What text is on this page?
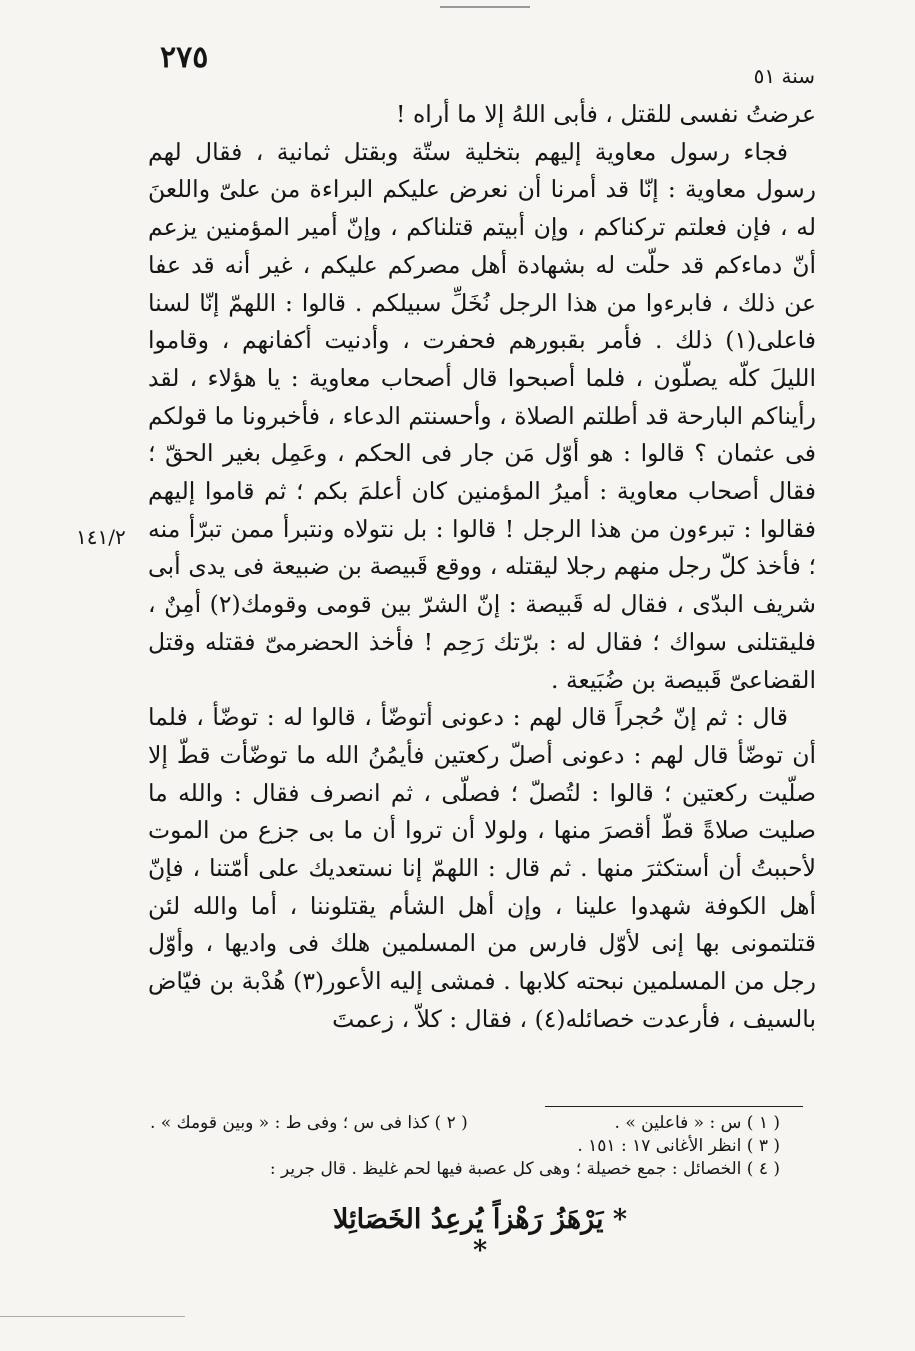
٢٧٥
سنة ٥١

عرضتُ نفسى للقتل ، فأبى اللهُ إلا ما أراه !

فجاء رسول معاوية إليهم بتخلية ستّة وبقتل ثمانية ، فقال لهم رسول معاوية : إنّا قد أمرنا أن نعرض عليكم البراءة من علىّ واللعنَ له ، فإن فعلتم تركناكم ، وإن أبيتم قتلناكم ، وإنّ أمير المؤمنين يزعم أنّ دماءكم قد حلّت له بشهادة أهل مصركم عليكم ، غير أنه قد عفا عن ذلك ، فابرءوا من هذا الرجل نُخَلِّ سبيلكم . قالوا : اللهمّ إنّا لسنا فاعلى(١) ذلك . فأمر بقبورهم فحفرت ، وأدنيت أكفانهم ، وقاموا الليلَ كلّه يصلّون ، فلما أصبحوا قال أصحاب معاوية : يا هؤلاء ، لقد رأيناكم البارحة قد أطلتم الصلاة ، وأحسنتم الدعاء ، فأخبرونا ما قولكم فى عثمان ؟ قالوا : هو أوّل مَن جار فى الحكم ، وعَمِل بغير الحقّ ؛ فقال أصحاب معاوية : أميرُ المؤمنين كان أعلمَ بكم ؛ ثم قاموا إليهم فقالوا : تبرءون من هذا الرجل ! قالوا : بل نتولاه ونتبرأ ممن تبرّأ منه ؛ فأخذ كلّ رجل منهم رجلا ليقتله ، ووقع قَبيصة بن ضبيعة فى يدى أبى شريف البدّى ، فقال له قَبيصة : إنّ الشرّ بين قومى وقومك(٢) أمِنٌ ، فليقتلنى سواك ؛ فقال له : برّتك رَحِم ! فأخذ الحضرمىّ فقتله وقتل القضاعىّ قَبيصة بن ضُبَيعة .

قال : ثم إنّ حُجراً قال لهم : دعونى أتوضّأ ، قالوا له : توضّأ ، فلما أن توضّأ قال لهم : دعونى أصلّ ركعتين فأيمُنُ الله ما توضّأت قطّ إلا صلّيت ركعتين ؛ قالوا : لتُصلّ ؛ فصلّى ، ثم انصرف فقال : والله ما صليت صلاةً قطّ أقصرَ منها ، ولولا أن تروا أن ما بى جزع من الموت لأحببتُ أن أستكثرَ منها . ثم قال : اللهمّ إنا نستعديك على أمّتنا ، فإنّ أهل الكوفة شهدوا علينا ، وإن أهل الشأم يقتلوننا ، أما والله لئن قتلتمونى بها إنى لأوّل فارس من المسلمين هلك فى واديها ، وأوّل رجل من المسلمين نبحته كلابها . فمشى إليه الأعور(٣) هُدْبة بن فيّاض بالسيف ، فأرعدت خصائله(٤) ، فقال : كلاّ ، زعمتَ

١٤١/٢
( ١ ) س : « فاعلين » .
( ٢ ) كذا فى س ؛ وفى ط : « وبين قومك » .
( ٣ ) انظر الأغانى ١٧ : ١٥١ .
( ٤ ) الخصائل : جمع خصيلة ؛ وهى كل عصبة فيها لحم غليظ . قال جرير :
* يَرْهَزُ رَهْزاً يُرعِدُ الخَصَائِلا *
